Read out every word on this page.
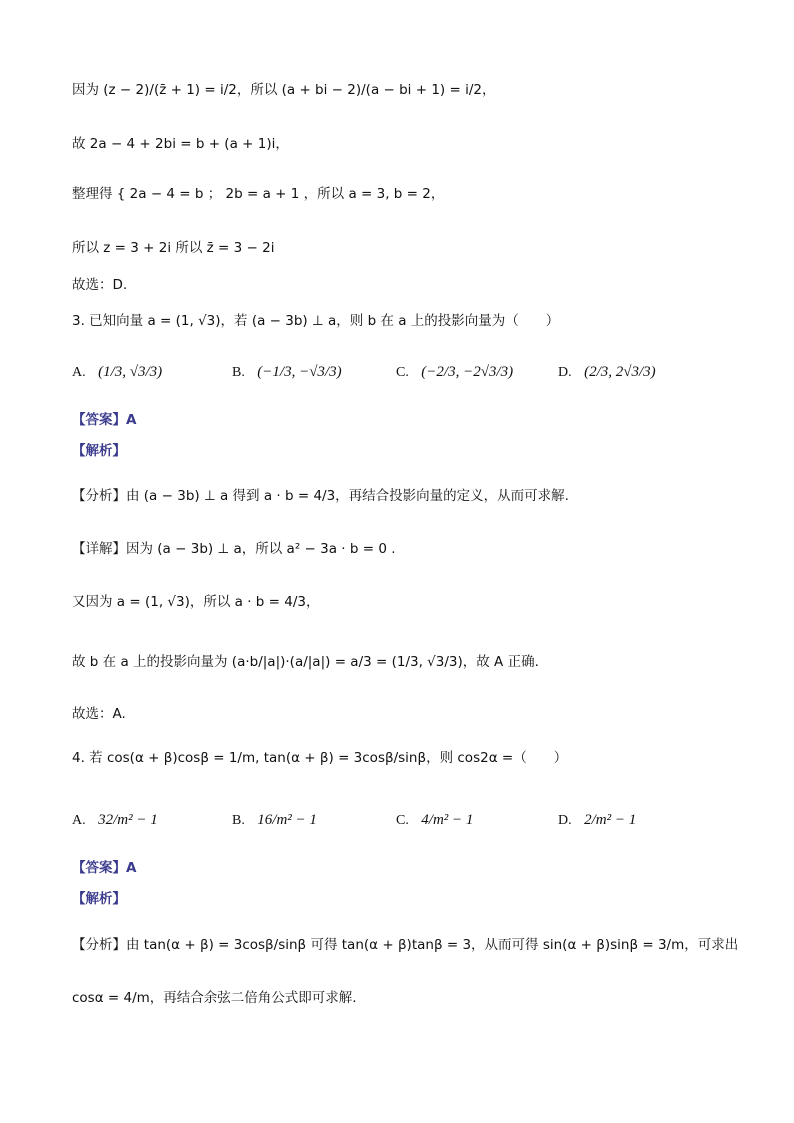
因为 (z − 2)/(z̄ + 1) = i/2，所以 (a + bi − 2)/(a − bi + 1) = i/2，
故 2a − 4 + 2bi = b + (a + 1)i，
整理得 { 2a − 4 = b ； 2b = a + 1 ，所以 a = 3, b = 2，
所以 z = 3 + 2i 所以 z̄ = 3 − 2i
故选：D.
3. 已知向量 a = (1, √3)，若 (a − 3b) ⊥ a，则 b 在 a 上的投影向量为（　　）
A. (1/3, √3/3)	B. (−1/3, −√3/3)	C. (−2/3, −2√3/3)	D. (2/3, 2√3/3)
【答案】A
【解析】
【分析】由 (a − 3b) ⊥ a 得到 a · b = 4/3，再结合投影向量的定义，从而可求解.
【详解】因为 (a − 3b) ⊥ a，所以 a² − 3a · b = 0 .
又因为 a = (1, √3)，所以 a · b = 4/3，
故 b 在 a 上的投影向量为 (a·b/|a|)·(a/|a|) = a/3 = (1/3, √3/3)，故 A 正确.
故选：A.
4. 若 cos(α + β)cosβ = 1/m, tan(α + β) = 3cosβ/sinβ，则 cos2α =（　　）
A. 32/m² − 1	B. 16/m² − 1	C. 4/m² − 1	D. 2/m² − 1
【答案】A
【解析】
【分析】由 tan(α + β) = 3cosβ/sinβ 可得 tan(α + β)tanβ = 3，从而可得 sin(α + β)sinβ = 3/m，可求出
cosα = 4/m，再结合余弦二倍角公式即可求解.
